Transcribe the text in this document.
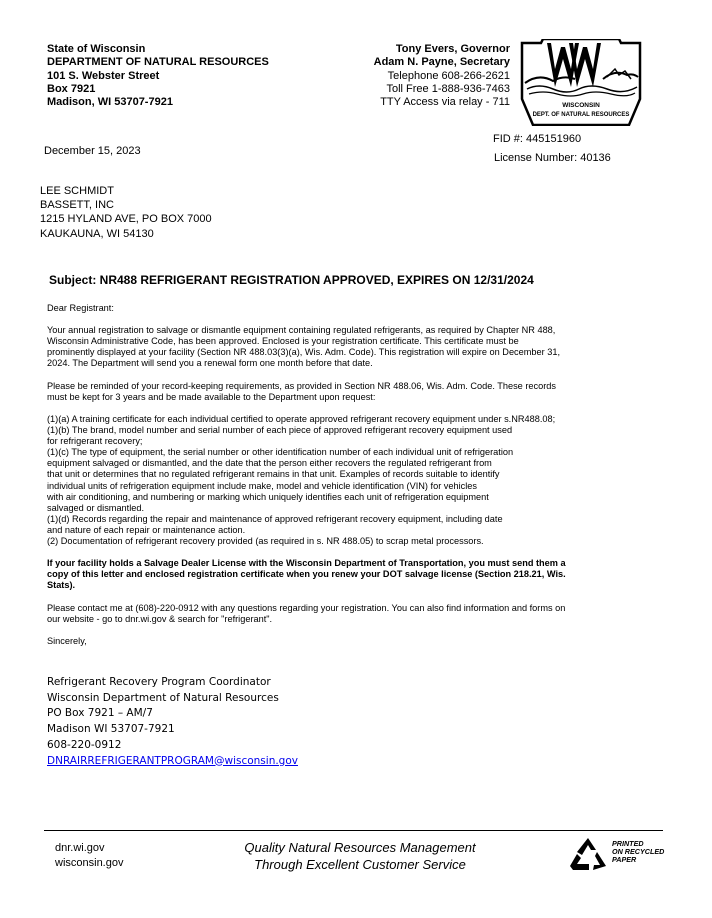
State of Wisconsin
DEPARTMENT OF NATURAL RESOURCES
101 S. Webster Street
Box 7921
Madison, WI 53707-7921
Tony Evers, Governor
Adam N. Payne, Secretary
Telephone 608-266-2621
Toll Free 1-888-936-7463
TTY Access via relay - 711	WISCONSIN
DEPT. OF NATURAL RESOURCES
FID #: 445151960
License Number: 40136
December 15, 2023
LEE SCHMIDT
BASSETT, INC
1215 HYLAND AVE, PO BOX 7000
KAUKAUNA, WI 54130
Subject: NR488 REFRIGERANT REGISTRATION APPROVED, EXPIRES ON 12/31/2024
Dear Registrant:
Your annual registration to salvage or dismantle equipment containing regulated refrigerants, as required by Chapter NR 488,
Wisconsin Administrative Code, has been approved. Enclosed is your registration certificate. This certificate must be
prominently displayed at your facility (Section NR 488.03(3)(a), Wis. Adm. Code). This registration will expire on December 31,
2024. The Department will send you a renewal form one month before that date.
Please be reminded of your record-keeping requirements, as provided in Section NR 488.06, Wis. Adm. Code. These records
must be kept for 3 years and be made available to the Department upon request:
(1)(a) A training certificate for each individual certified to operate approved refrigerant recovery equipment under s.NR488.08;
(1)(b) The brand, model number and serial number of each piece of approved refrigerant recovery equipment used
for refrigerant recovery;
(1)(c) The type of equipment, the serial number or other identification number of each individual unit of refrigeration
equipment salvaged or dismantled, and the date that the person either recovers the regulated refrigerant from
that unit or determines that no regulated refrigerant remains in that unit. Examples of records suitable to identify
individual units of refrigeration equipment include make, model and vehicle identification (VIN) for vehicles
with air conditioning, and numbering or marking which uniquely identifies each unit of refrigeration equipment
salvaged or dismantled.
(1)(d) Records regarding the repair and maintenance of approved refrigerant recovery equipment, including date
and nature of each repair or maintenance action.
(2) Documentation of refrigerant recovery provided (as required in s. NR 488.05) to scrap metal processors.
If your facility holds a Salvage Dealer License with the Wisconsin Department of Transportation, you must send them a
copy of this letter and enclosed registration certificate when you renew your DOT salvage license (Section 218.21, Wis.
Stats).
Please contact me at (608)-220-0912 with any questions regarding your registration. You can also find information and forms on
our website - go to dnr.wi.gov & search for "refrigerant".
Sincerely,
Refrigerant Recovery Program Coordinator
Wisconsin Department of Natural Resources
PO Box 7921 – AM/7
Madison WI 53707-7921
608-220-0912
DNRAIRREFRIGERANTPROGRAM@wisconsin.gov
dnr.wi.gov
wisconsin.gov
Quality Natural Resources Management
Through Excellent Customer Service
PRINTED
ON RECYCLED
PAPER
